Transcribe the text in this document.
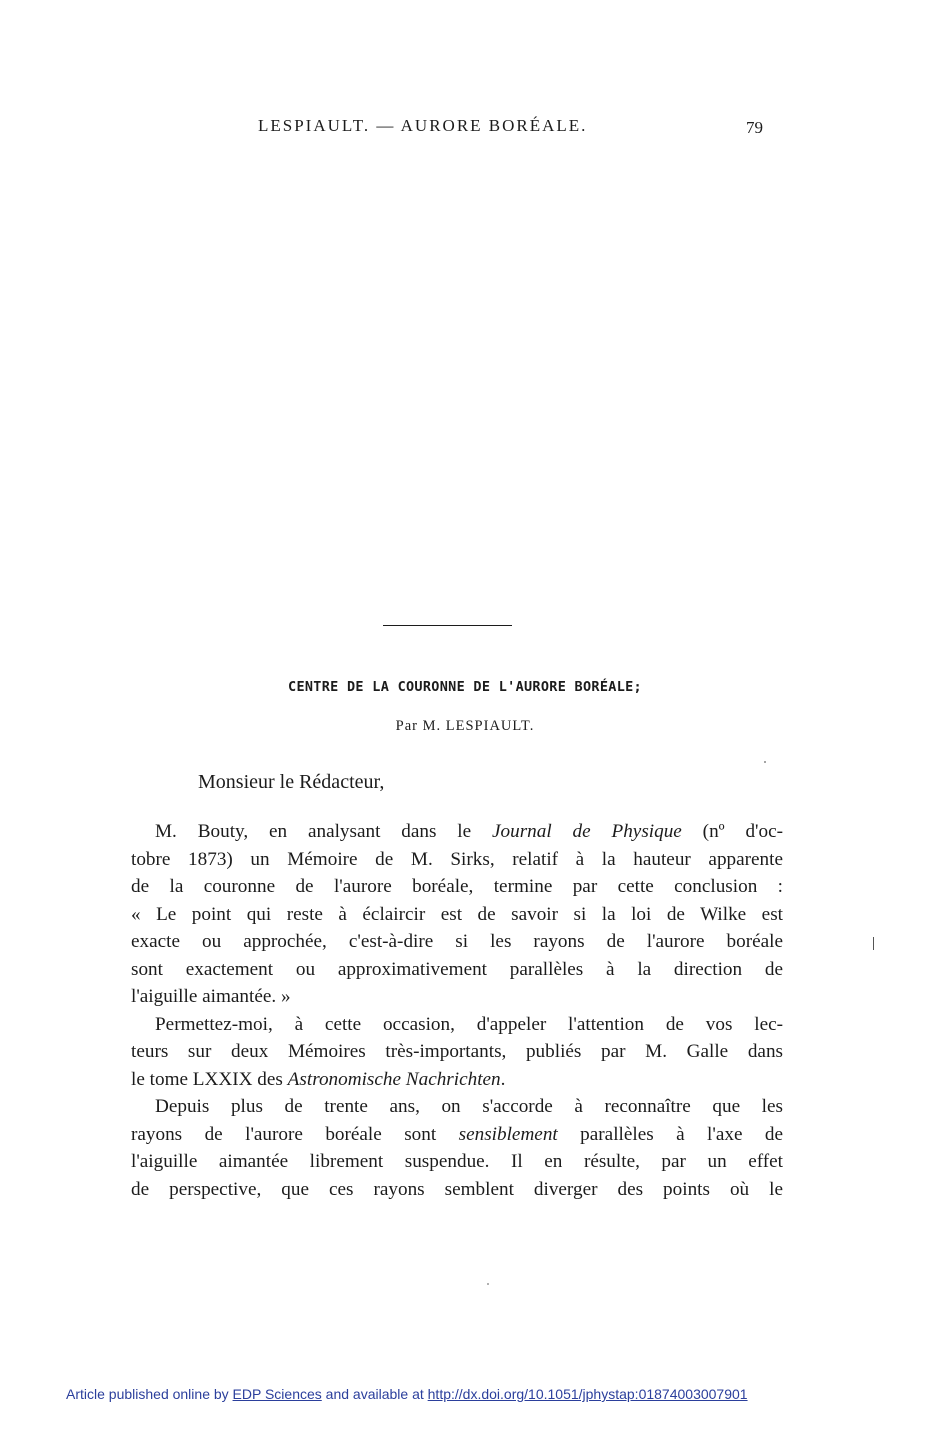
LESPIAULT. — AURORE BORÉALE.	79
CENTRE DE LA COURONNE DE L'AURORE BORÉALE;
Par M. LESPIAULT.
Monsieur le Rédacteur,
M. Bouty, en analysant dans le Journal de Physique (nº d'oc-
tobre 1873) un Mémoire de M. Sirks, relatif à la hauteur apparente
de la couronne de l'aurore boréale, termine par cette conclusion :
« Le point qui reste à éclaircir est de savoir si la loi de Wilke est
exacte ou approchée, c'est-à-dire si les rayons de l'aurore boréale
sont exactement ou approximativement parallèles à la direction de
l'aiguille aimantée. »
Permettez-moi, à cette occasion, d'appeler l'attention de vos lec-
teurs sur deux Mémoires très-importants, publiés par M. Galle dans
le tome LXXIX des Astronomische Nachrichten.
Depuis plus de trente ans, on s'accorde à reconnaître que les
rayons de l'aurore boréale sont sensiblement parallèles à l'axe de
l'aiguille aimantée librement suspendue. Il en résulte, par un effet
de perspective, que ces rayons semblent diverger des points où le
Article published online by EDP Sciences and available at http://dx.doi.org/10.1051/jphystap:01874003007901
